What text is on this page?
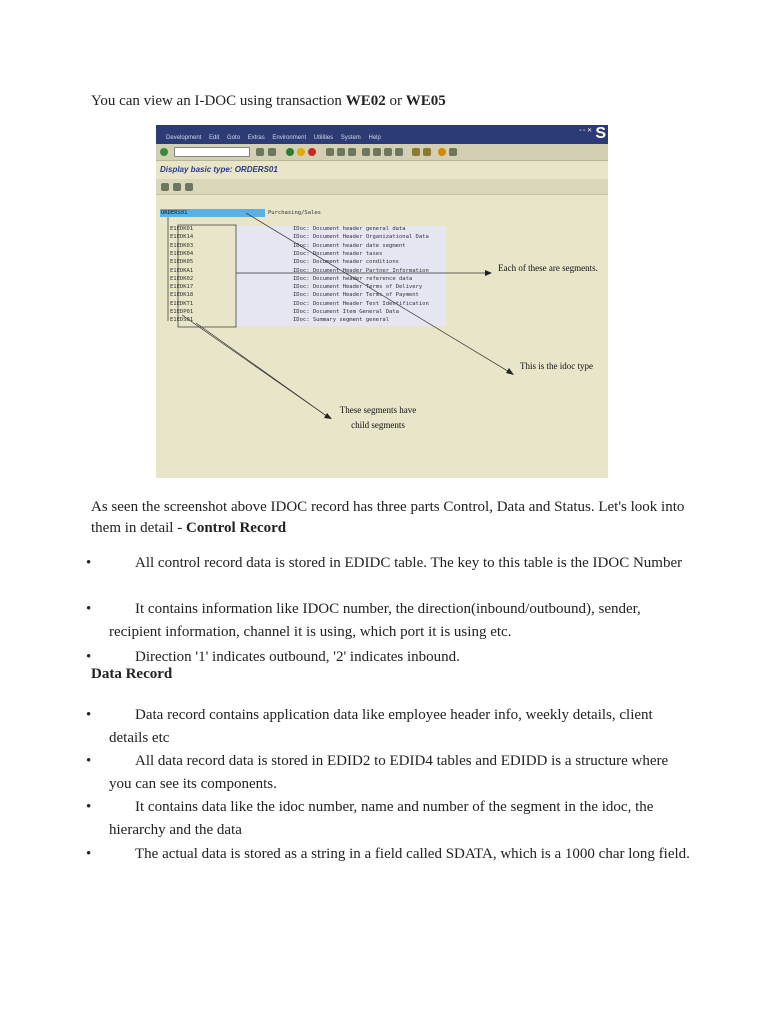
You can view an I-DOC using transaction WE02 or WE05
Development Edit Goto Extras Environment Utilities System Help
▫ ▫ ✕ S
Display basic type: ORDERS01
ORDERS01	Purchasing/Sales
Each of these are segments.
This is the idoc type
These segments have child segments
E1EDK01	IDoc: Document header general data
E1EDK14	IDoc: Document Header Organizational Data
E1EDK03	IDoc: Document header date segment
E1EDK04	IDoc: Document header taxes
E1EDK05	IDoc: Document header conditions
E1EDKA1	IDoc: Document Header Partner Information
E1EDK02	IDoc: Document header reference data
E1EDK17	IDoc: Document Header Terms of Delivery
E1EDK18	IDoc: Document Header Terms of Payment
E1EDKT1	IDoc: Document Header Text Identification
E1EDP01	IDoc: Document Item General Data
E1EDS01	IDoc: Summary segment general
As seen the screenshot above IDOC record has three parts Control, Data and Status. Let's look into them in detail - Control Record
•	All control record data is stored in EDIDC table. The key to this table is the IDOC Number
•	It contains information like IDOC number, the direction(inbound/outbound), sender, recipient information, channel it is using, which port it is using etc.
•	Direction '1' indicates outbound, '2' indicates inbound.
Data Record
•	Data record contains application data like employee header info, weekly details, client details etc
•	All data record data is stored in EDID2 to EDID4 tables and EDIDD is a structure where you can see its components.
•	It contains data like the idoc number, name and number of the segment in the idoc, the hierarchy and the data
•	The actual data is stored as a string in a field called SDATA, which is a 1000 char long field.
